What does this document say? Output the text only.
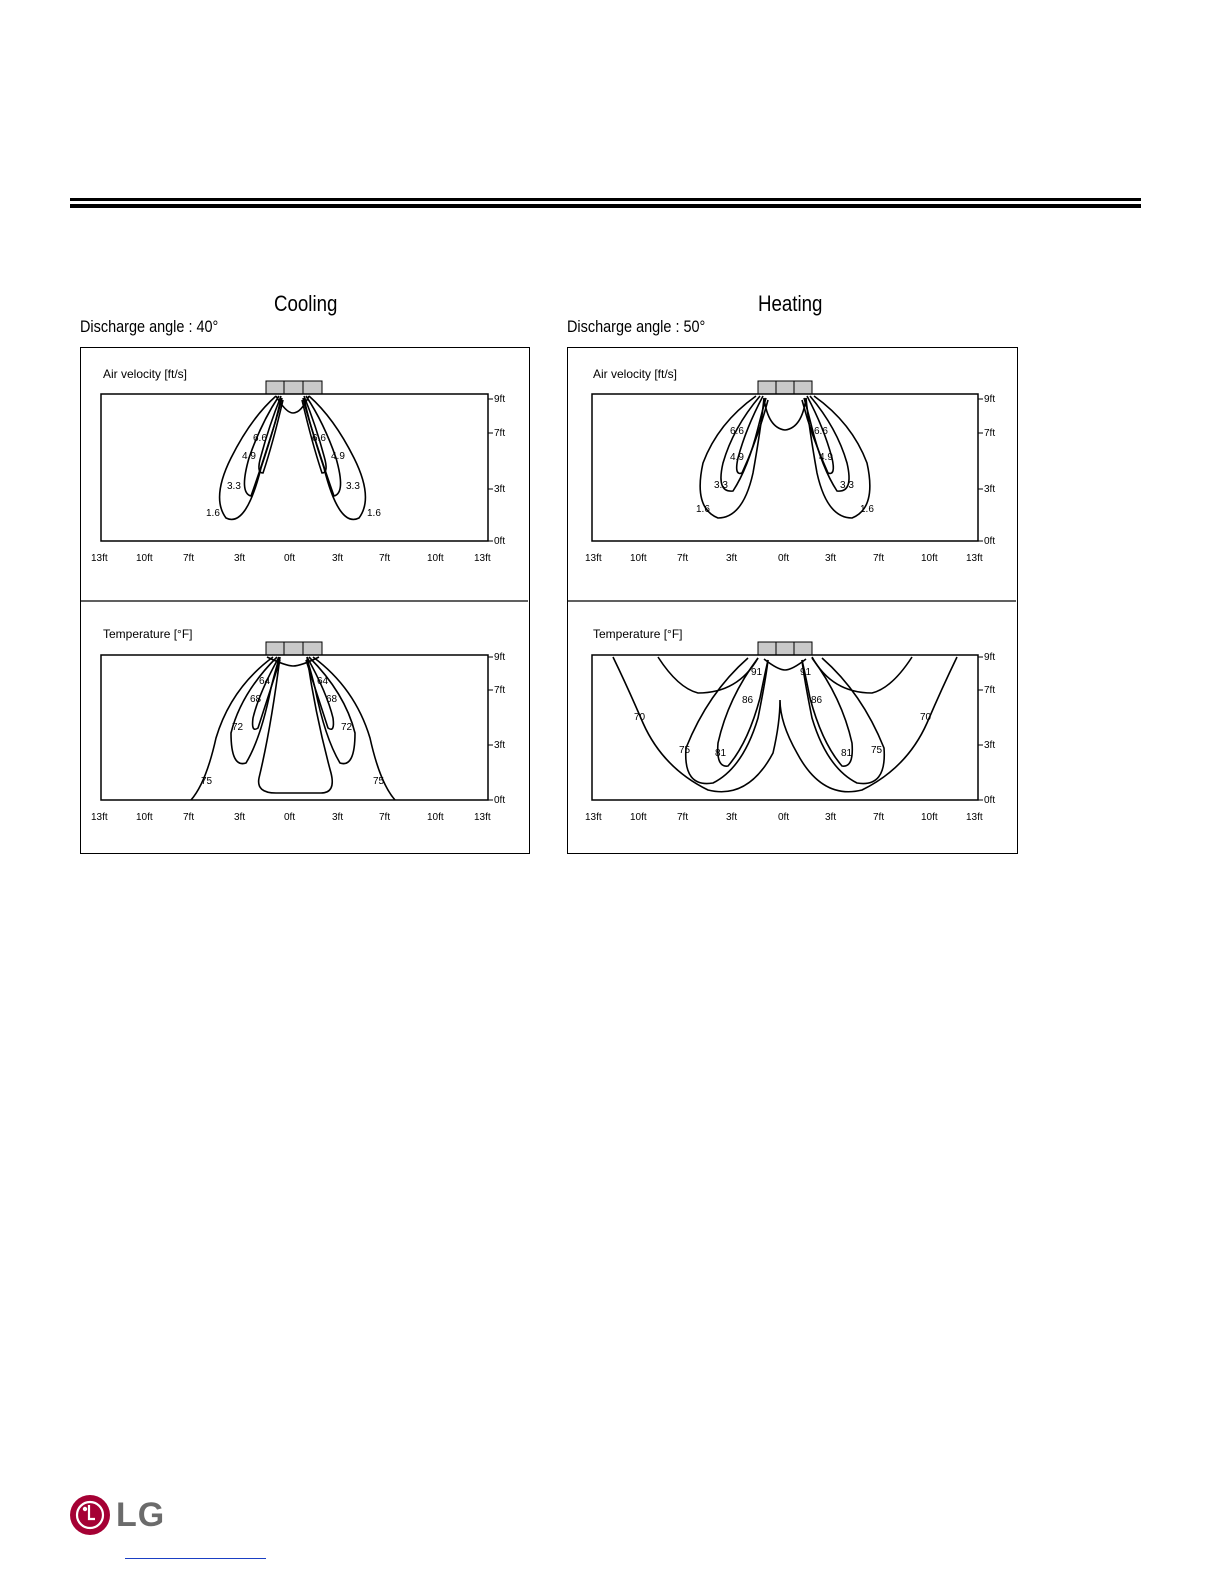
Cooling
Discharge angle : 40°
Air velocity [ft/s]
6.6
4.9
3.3
1.6
6.6
4.9
3.3
1.6
13ft	10ft	7ft	3ft	0ft	3ft	7ft	10ft	13ft
9ft
7ft
3ft
0ft
Temperature [°F]
64
68
72
75
64
68
72
75
13ft	10ft	7ft	3ft	0ft	3ft	7ft	10ft	13ft
9ft
7ft
3ft
0ft
Heating
Discharge angle : 50°
Air velocity [ft/s]
6.6
4.9
3.3
1.6
6.6
4.9
3.3
1.6
13ft	10ft	7ft	3ft	0ft	3ft	7ft	10ft	13ft
9ft
7ft
3ft
0ft
Temperature [°F]
91
86
81
75
70
91
86
81 75
70
13ft	10ft	7ft	3ft	0ft	3ft	7ft	10ft	13ft
9ft
7ft
3ft
0ft
LG
